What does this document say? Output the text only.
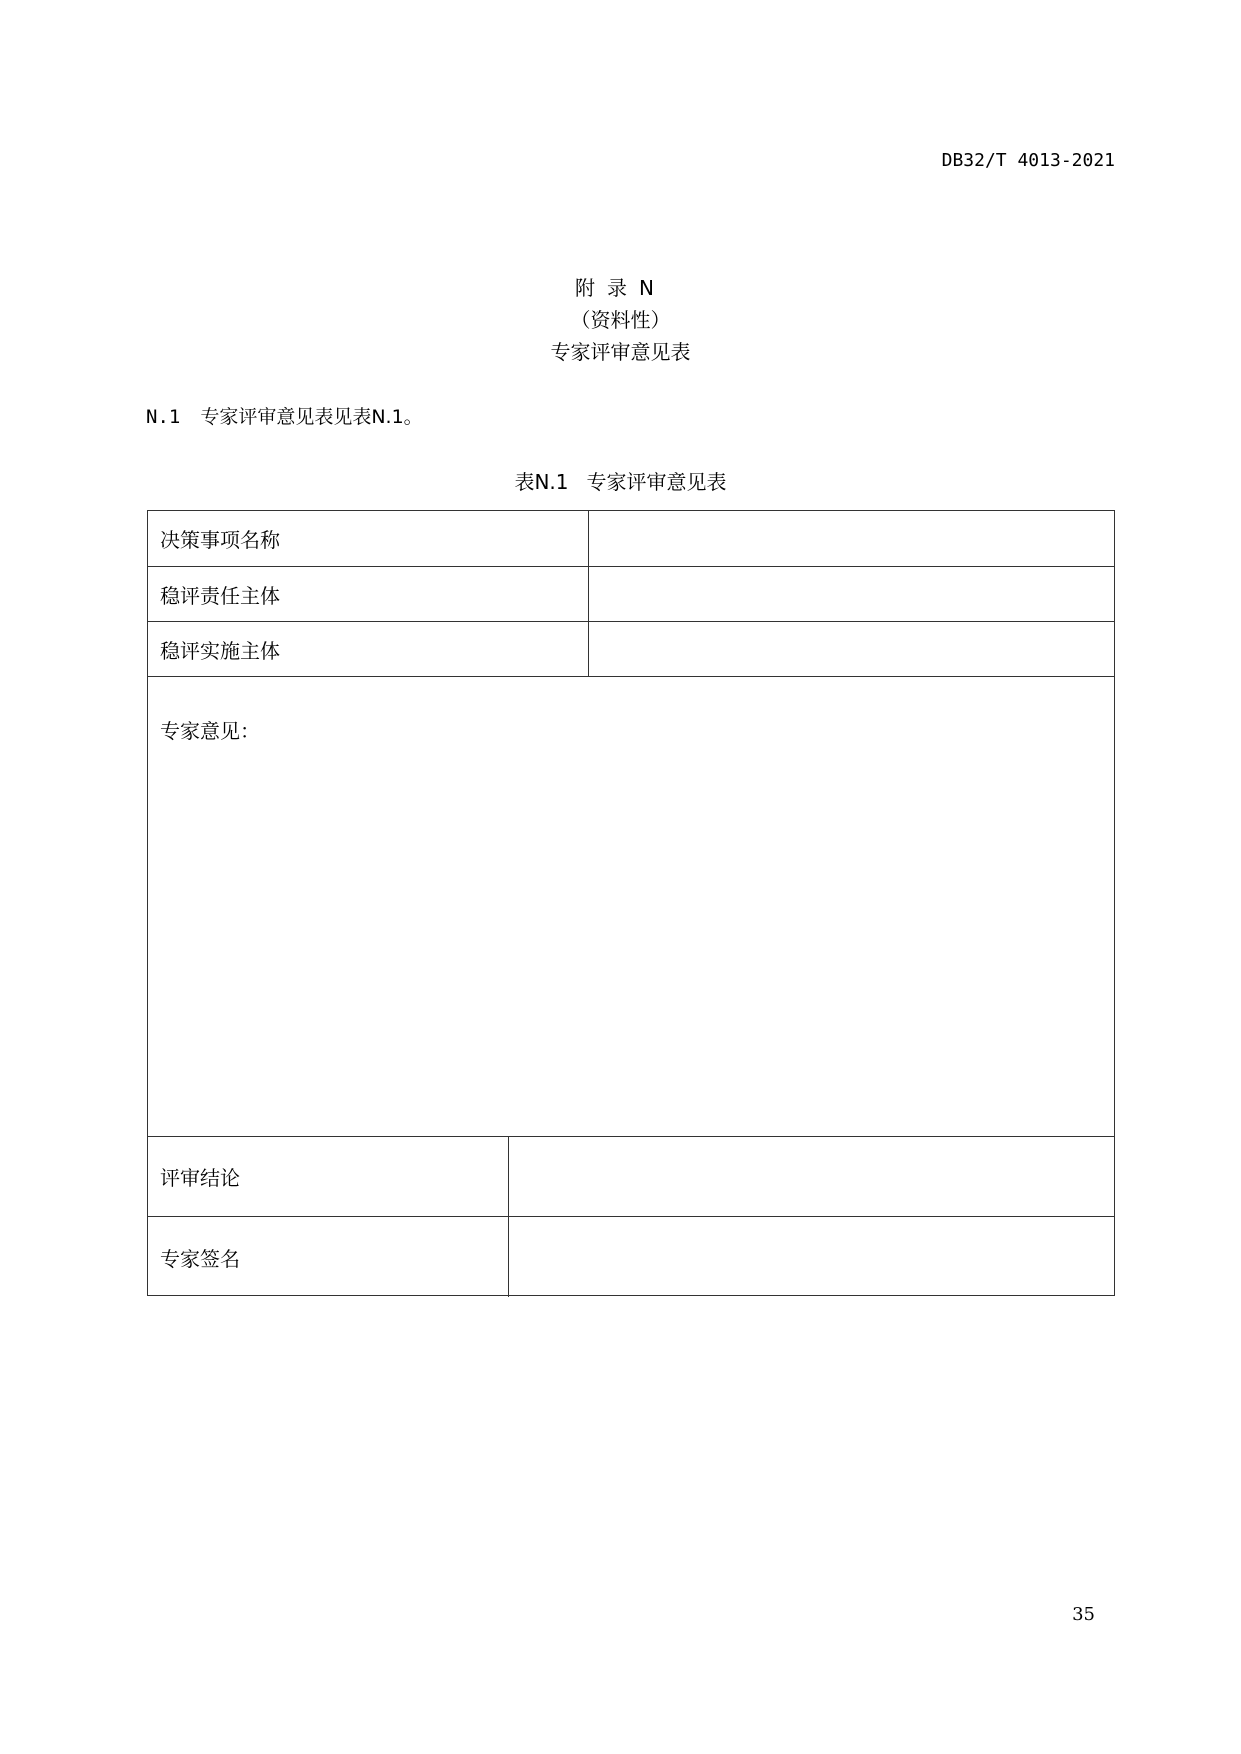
DB32/T 4013-2021
附录N
（资料性）
专家评审意见表
N.1 专家评审意见表见表N.1。
表N.1 专家评审意见表
决策事项名称
稳评责任主体
稳评实施主体
专家意见：
评审结论
专家签名
35
